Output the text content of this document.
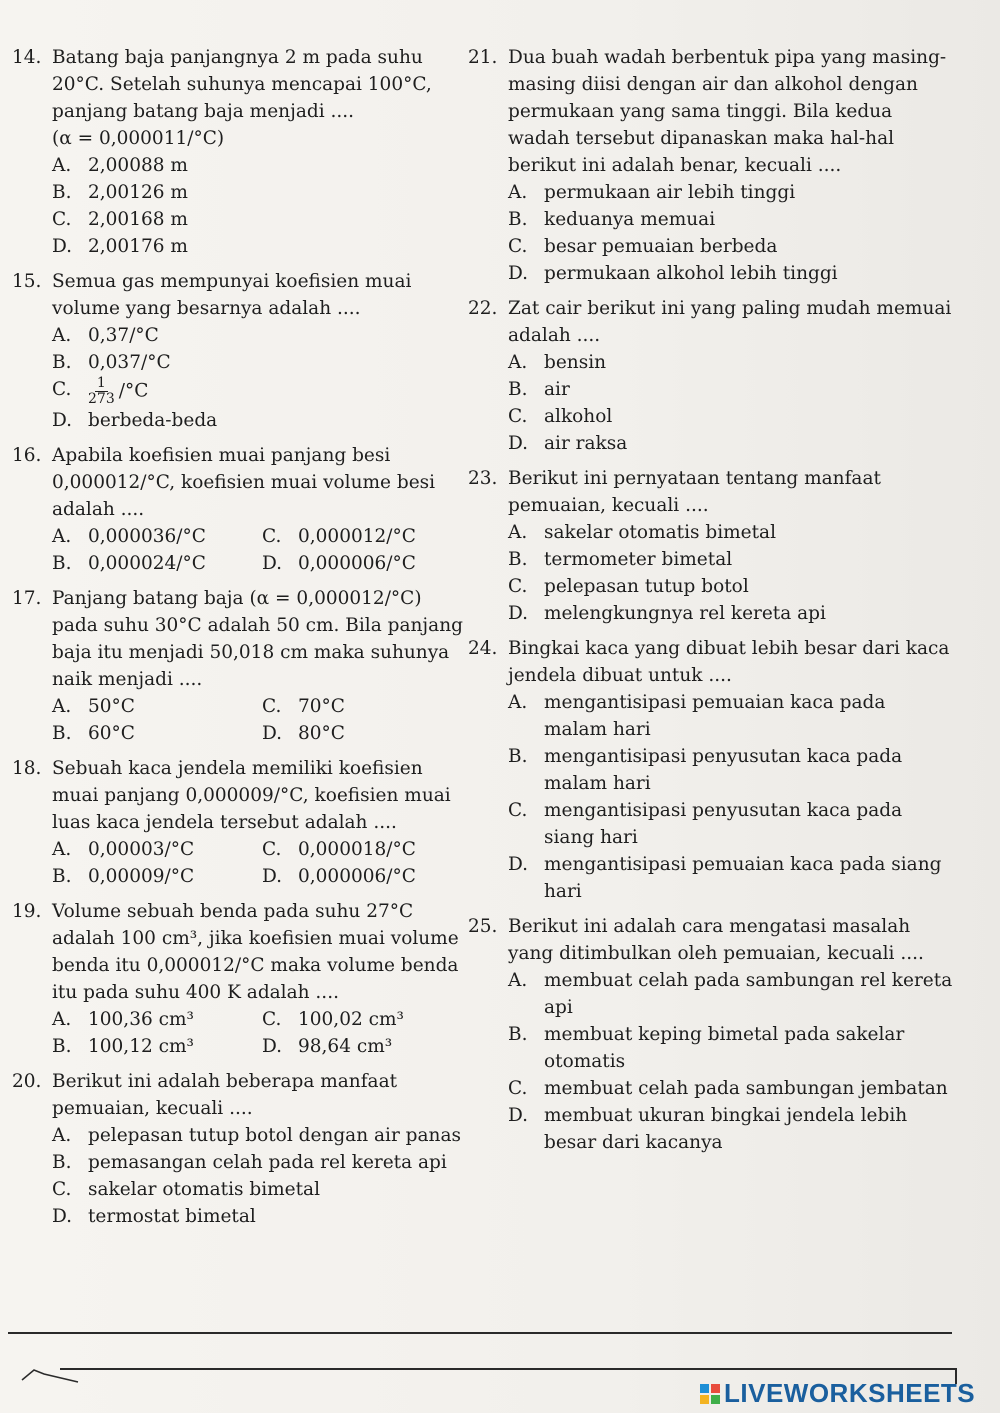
14. Batang baja panjangnya 2 m pada suhu 20°C. Setelah suhunya mencapai 100°C, panjang batang baja menjadi ....
(α = 0,000011/°C)
A. 2,00088 m
B. 2,00126 m
C. 2,00168 m
D. 2,00176 m
15. Semua gas mempunyai koefisien muai volume yang besarnya adalah ....
A. 0,37/°C
B. 0,037/°C
C.	$\frac{1}{273} /^\circ C$
D. berbeda-beda
16. Apabila koefisien muai panjang besi 0,000012/°C, koefisien muai volume besi adalah ....
A. 0,000036/°C	C. 0,000012/°C
B. 0,000024/°C	D. 0,000006/°C
17. Panjang batang baja (α = 0,000012/°C) pada suhu 30°C adalah 50 cm. Bila panjang baja itu menjadi 50,018 cm maka suhunya naik menjadi ....
A. 50°C	C. 70°C
B. 60°C	D. 80°C
18. Sebuah kaca jendela memiliki koefisien muai panjang 0,000009/°C, koefisien muai luas kaca jendela tersebut adalah ....
A. 0,00003/°C	C. 0,000018/°C
B. 0,00009/°C	D. 0,000006/°C
19. Volume sebuah benda pada suhu 27°C adalah 100 cm³, jika koefisien muai volume benda itu 0,000012/°C maka volume benda itu pada suhu 400 K adalah ....
A. 100,36 cm³	C. 100,02 cm³
B. 100,12 cm³	D. 98,64 cm³
20. Berikut ini adalah beberapa manfaat pemuaian, kecuali ....
A. pelepasan tutup botol dengan air panas
B. pemasangan celah pada rel kereta api
C. sakelar otomatis bimetal
D. termostat bimetal
21. Dua buah wadah berbentuk pipa yang masing-masing diisi dengan air dan alkohol dengan permukaan yang sama tinggi. Bila kedua wadah tersebut dipanaskan maka hal-hal berikut ini adalah benar, kecuali ....
A. permukaan air lebih tinggi
B. keduanya memuai
C. besar pemuaian berbeda
D. permukaan alkohol lebih tinggi
22. Zat cair berikut ini yang paling mudah memuai adalah ....
A. bensin
B. air
C. alkohol
D. air raksa
23. Berikut ini pernyataan tentang manfaat pemuaian, kecuali ....
A. sakelar otomatis bimetal
B. termometer bimetal
C. pelepasan tutup botol
D. melengkungnya rel kereta api
24. Bingkai kaca yang dibuat lebih besar dari kaca jendela dibuat untuk ....
A. mengantisipasi pemuaian kaca pada malam hari
B. mengantisipasi penyusutan kaca pada malam hari
C. mengantisipasi penyusutan kaca pada siang hari
D. mengantisipasi pemuaian kaca pada siang hari
25. Berikut ini adalah cara mengatasi masalah yang ditimbulkan oleh pemuaian, kecuali ....
A. membuat celah pada sambungan rel kereta api
B. membuat keping bimetal pada sakelar otomatis
C. membuat celah pada sambungan jembatan
D. membuat ukuran bingkai jendela lebih besar dari kacanya
LIVEWORKSHEETS
